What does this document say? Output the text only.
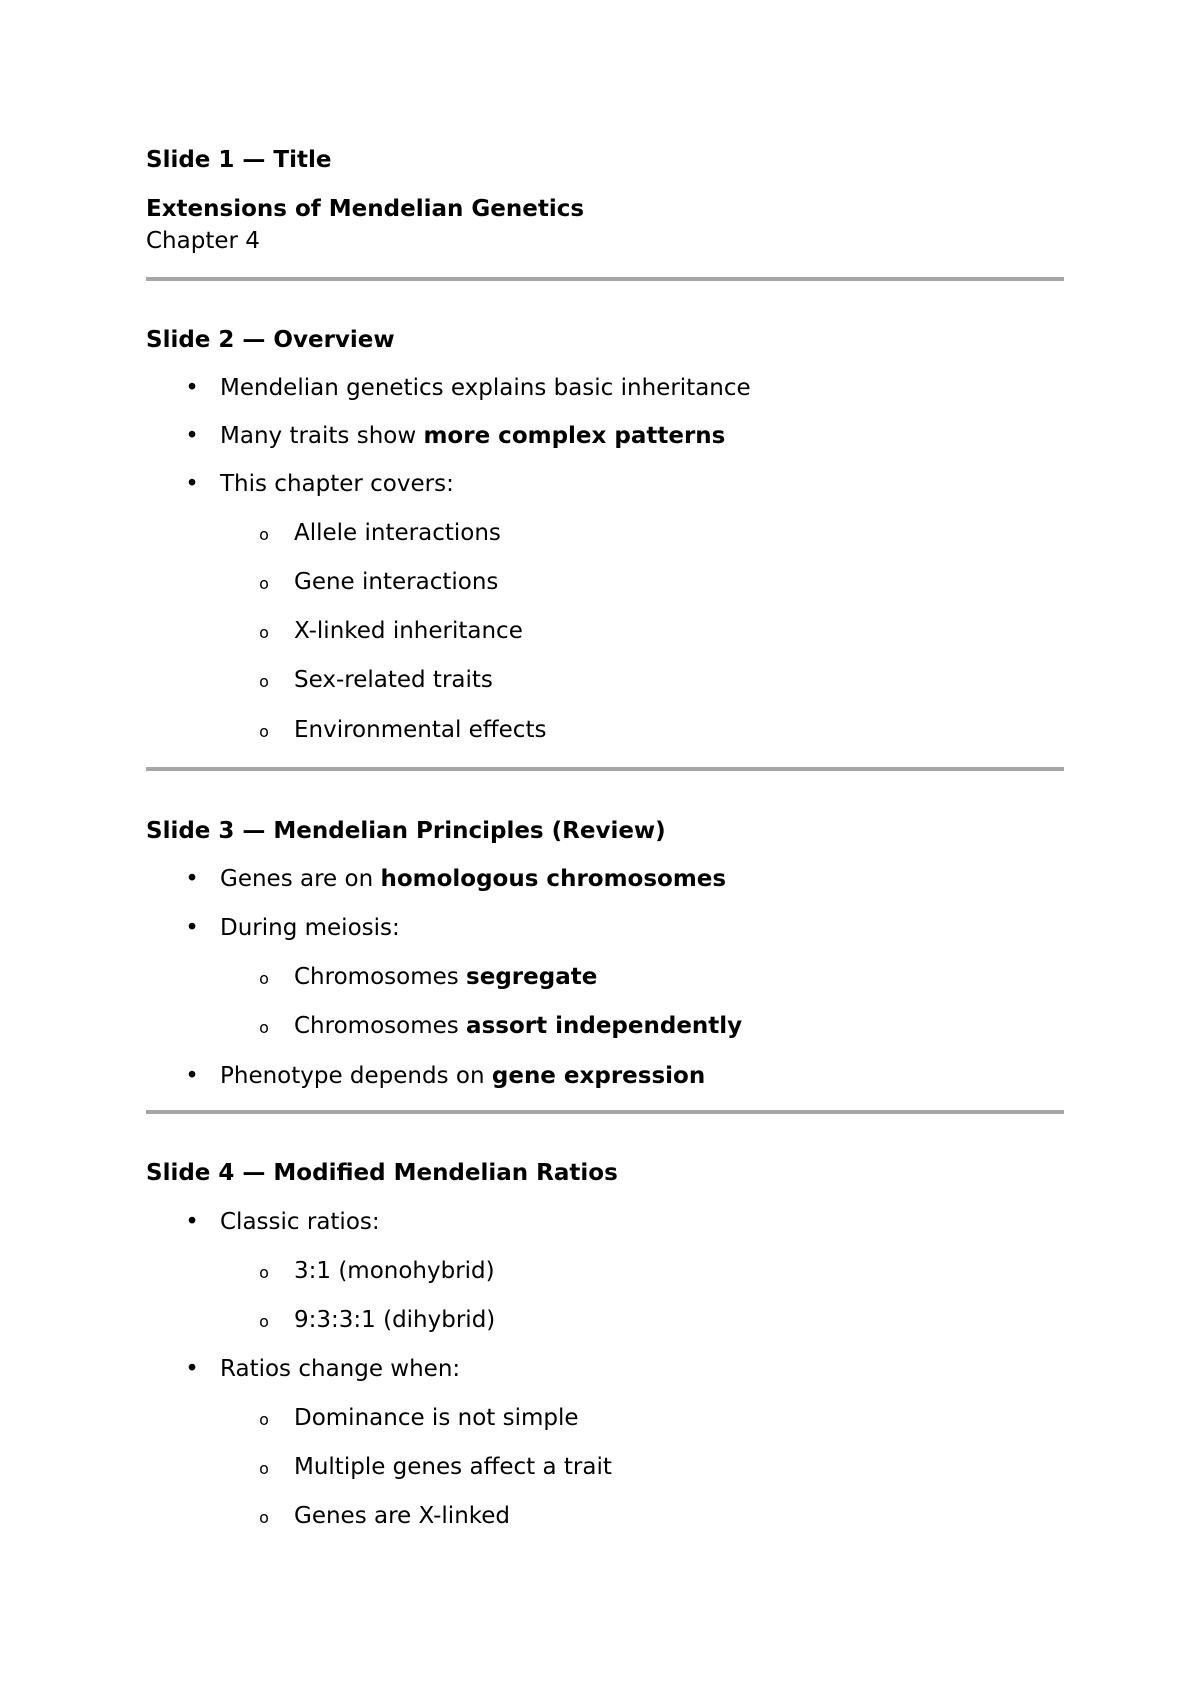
Slide 1 — Title
Extensions of Mendelian Genetics
Chapter 4
Slide 2 — Overview
• Mendelian genetics explains basic inheritance
• Many traits show more complex patterns
• This chapter covers:
o Allele interactions
o Gene interactions
o X-linked inheritance
o Sex-related traits
o Environmental effects
Slide 3 — Mendelian Principles (Review)
• Genes are on homologous chromosomes
• During meiosis:
o Chromosomes segregate
o Chromosomes assort independently
• Phenotype depends on gene expression
Slide 4 — Modified Mendelian Ratios
• Classic ratios:
o 3:1 (monohybrid)
o 9:3:3:1 (dihybrid)
• Ratios change when:
o Dominance is not simple
o Multiple genes affect a trait
o Genes are X-linked
